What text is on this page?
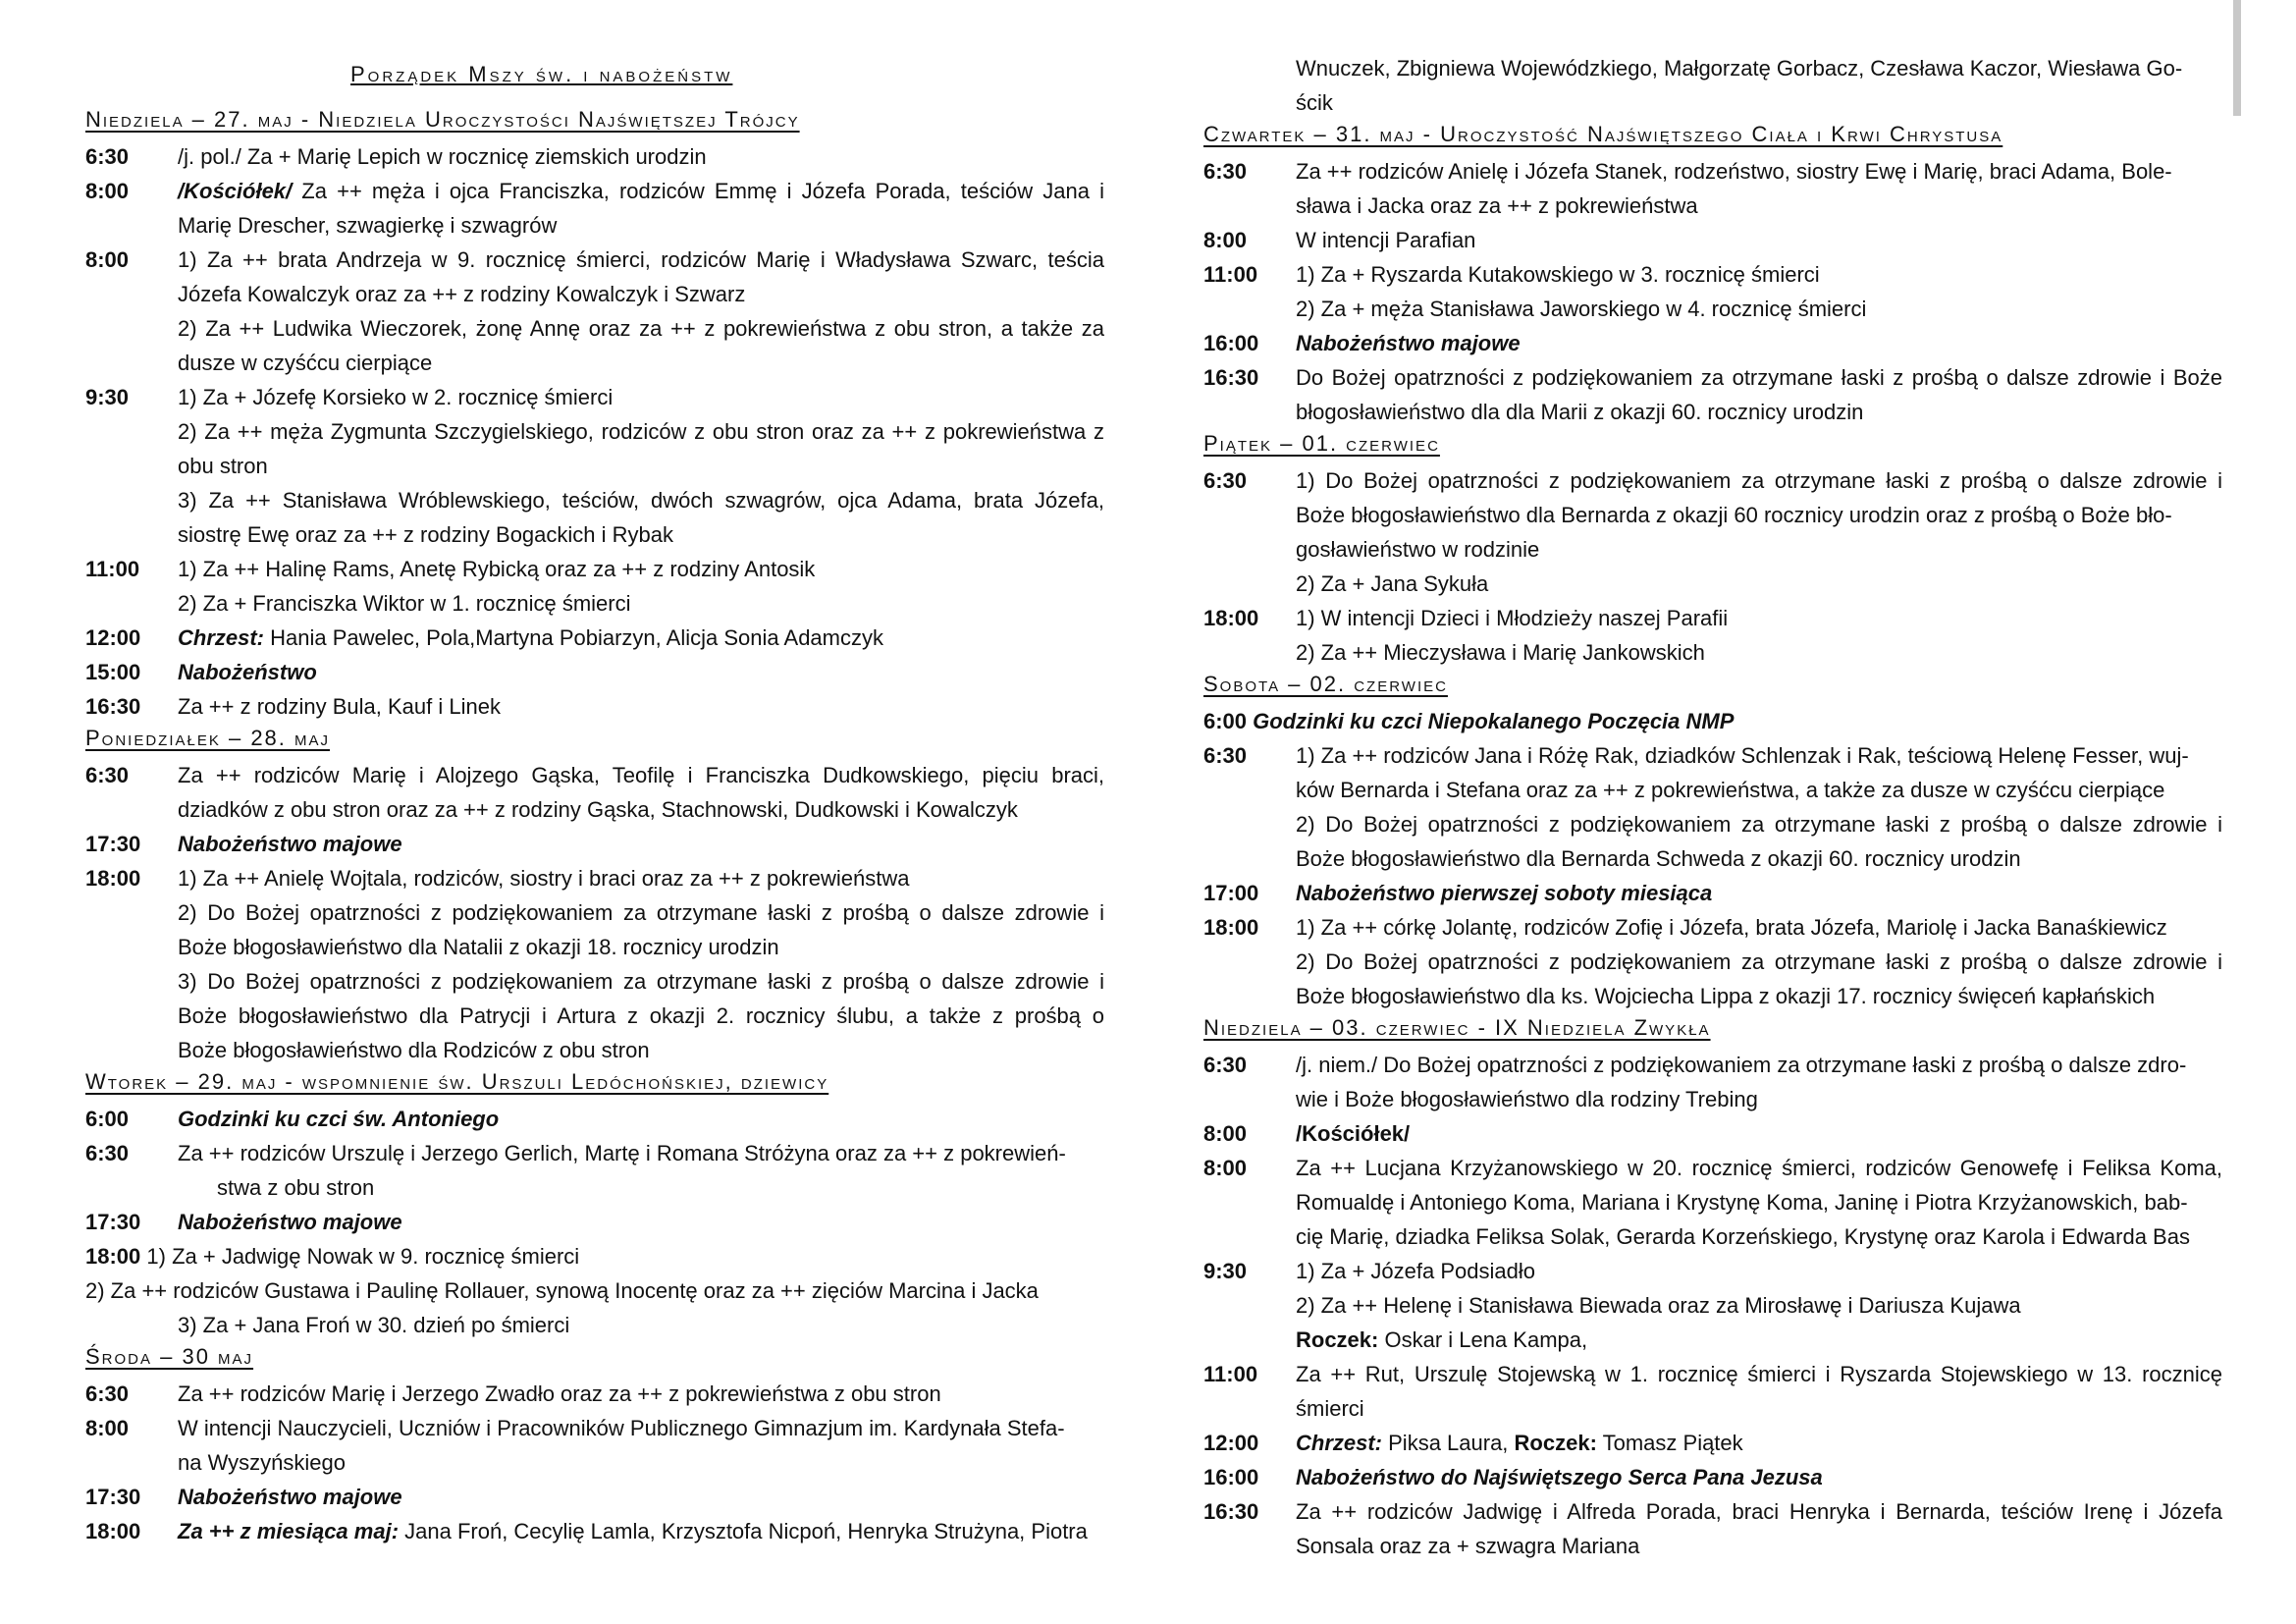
Porządek Mszy św. i nabożeństw
Niedziela – 27. maj - Niedziela Uroczystości Najświętszej Trójcy
6:30 /j. pol./ Za + Marię Lepich w rocznicę ziemskich urodzin
8:00 /Kościółek/ Za ++ męża i ojca Franciszka, rodziców Emmę i Józefa Porada, teściów Jana i
Marię Drescher, szwagierkę i szwagrów
8:00 1) Za ++ brata Andrzeja w 9. rocznicę śmierci, rodziców Marię i Władysława Szwarc, teścia
Józefa Kowalczyk oraz za ++ z rodziny Kowalczyk i Szwarz
2) Za ++ Ludwika Wieczorek, żonę Annę oraz za ++ z pokrewieństwa z obu stron, a także za
dusze w czyśćcu cierpiące
9:30 1) Za + Józefę Korsieko w 2. rocznicę śmierci
2) Za ++ męża Zygmunta Szczygielskiego, rodziców z obu stron oraz za ++ z pokrewieństwa z
obu stron
3) Za ++ Stanisława Wróblewskiego, teściów, dwóch szwagrów, ojca Adama, brata Józefa,
siostrę Ewę oraz za ++ z rodziny Bogackich i Rybak
11:00 1) Za ++ Halinę Rams, Anetę Rybicką oraz za ++ z rodziny Antosik
2) Za + Franciszka Wiktor w 1. rocznicę śmierci
12:00 Chrzest: Hania Pawelec, Pola,Martyna Pobiarzyn, Alicja Sonia Adamczyk
15:00 Nabożeństwo
16:30 Za ++ z rodziny Bula, Kauf i Linek
Poniedziałek – 28. maj
6:30 Za ++ rodziców Marię i Alojzego Gąska, Teofilę i Franciszka Dudkowskiego, pięciu braci,
dziadków z obu stron oraz za ++ z rodziny Gąska, Stachnowski, Dudkowski i Kowalczyk
17:30 Nabożeństwo majowe
18:00 1) Za ++ Anielę Wojtala, rodziców, siostry i braci oraz za ++ z pokrewieństwa
2) Do Bożej opatrzności z podziękowaniem za otrzymane łaski z prośbą o dalsze zdrowie i
Boże błogosławieństwo dla Natalii z okazji 18. rocznicy urodzin
3) Do Bożej opatrzności z podziękowaniem za otrzymane łaski z prośbą o dalsze zdrowie i
Boże błogosławieństwo dla Patrycji i Artura z okazji 2. rocznicy ślubu, a także z prośbą o
Boże błogosławieństwo dla Rodziców z obu stron
Wtorek – 29. maj - wspomnienie św. Urszuli Ledóchońskiej, dziewicy
6:00 Godzinki ku czci św. Antoniego
6:30 Za ++ rodziców Urszulę i Jerzego Gerlich, Martę i Romana Stróżyna oraz za ++ z pokrewień-
stwa z obu stron
17:30 Nabożeństwo majowe
18:00 1) Za + Jadwigę Nowak w 9. rocznicę śmierci
2) Za ++ rodziców Gustawa i Paulinę Rollauer, synową Inocentę oraz za ++ zięciów Marcina i Jacka
3) Za + Jana Froń w 30. dzień po śmierci
Środa – 30 maj
6:30 Za ++ rodziców Marię i Jerzego Zwadło oraz za ++ z pokrewieństwa z obu stron
8:00 W intencji Nauczycieli, Uczniów i Pracowników Publicznego Gimnazjum im. Kardynała Stefa-
na Wyszyńskiego
17:30 Nabożeństwo majowe
18:00 Za ++ z miesiąca maj: Jana Froń, Cecylię Lamla, Krzysztofa Nicpoń, Henryka Strużyna, Piotra
Wnuczek, Zbigniewa Wojewódzkiego, Małgorzatę Gorbacz, Czesława Kaczor, Wiesława Go-
ścik
Czwartek – 31. maj - Uroczystość Najświętszego Ciała i Krwi Chrystusa
6:30 Za ++ rodziców Anielę i Józefa Stanek, rodzeństwo, siostry Ewę i Marię, braci Adama, Bole-
sława i Jacka oraz za ++ z pokrewieństwa
8:00 W intencji Parafian
11:00 1) Za + Ryszarda Kutakowskiego w 3. rocznicę śmierci
2) Za + męża Stanisława Jaworskiego w 4. rocznicę śmierci
16:00 Nabożeństwo majowe
16:30 Do Bożej opatrzności z podziękowaniem za otrzymane łaski z prośbą o dalsze zdrowie i Boże
błogosławieństwo dla dla Marii z okazji 60. rocznicy urodzin
Piątek – 01. czerwiec
6:30 1) Do Bożej opatrzności z podziękowaniem za otrzymane łaski z prośbą o dalsze zdrowie i
Boże błogosławieństwo dla Bernarda z okazji 60 rocznicy urodzin oraz z prośbą o Boże bło-
gosławieństwo w rodzinie
2) Za + Jana Sykuła
18:00 1) W intencji Dzieci i Młodzieży naszej Parafii
2) Za ++ Mieczysława i Marię Jankowskich
Sobota – 02. czerwiec
6:00 Godzinki ku czci Niepokalanego Poczęcia NMP
6:30 1) Za ++ rodziców Jana i Różę Rak, dziadków Schlenzak i Rak, teściową Helenę Fesser, wuj-
ków Bernarda i Stefana oraz za ++ z pokrewieństwa, a także za dusze w czyśćcu cierpiące
2) Do Bożej opatrzności z podziękowaniem za otrzymane łaski z prośbą o dalsze zdrowie i
Boże błogosławieństwo dla Bernarda Schweda z okazji 60. rocznicy urodzin
17:00 Nabożeństwo pierwszej soboty miesiąca
18:00 1) Za ++ córkę Jolantę, rodziców Zofię i Józefa, brata Józefa, Mariolę i Jacka Banaśkiewicz
2) Do Bożej opatrzności z podziękowaniem za otrzymane łaski z prośbą o dalsze zdrowie i
Boże błogosławieństwo dla ks. Wojciecha Lippa z okazji 17. rocznicy święceń kapłańskich
Niedziela – 03. czerwiec - IX Niedziela Zwykła
6:30 /j. niem./ Do Bożej opatrzności z podziękowaniem za otrzymane łaski z prośbą o dalsze zdro-
wie i Boże błogosławieństwo dla rodziny Trebing
8:00 /Kościółek/
8:00 Za ++ Lucjana Krzyżanowskiego w 20. rocznicę śmierci, rodziców Genowefę i Feliksa Koma,
Romualdę i Antoniego Koma, Mariana i Krystynę Koma, Janinę i Piotra Krzyżanowskich, bab-
cię Marię, dziadka Feliksa Solak, Gerarda Korzeńskiego, Krystynę oraz Karola i Edwarda Bas
9:30 1) Za + Józefa Podsiadło
2) Za ++ Helenę i Stanisława Biewada oraz za Mirosławę i Dariusza Kujawa
Roczek: Oskar i Lena Kampa,
11:00 Za ++ Rut, Urszulę Stojewską w 1. rocznicę śmierci i Ryszarda Stojewskiego w 13. rocznicę
śmierci
12:00 Chrzest: Piksa Laura, Roczek: Tomasz Piątek
16:00 Nabożeństwo do Najświętszego Serca Pana Jezusa
16:30 Za ++ rodziców Jadwigę i Alfreda Porada, braci Henryka i Bernarda, teściów Irenę i Józefa
Sonsala oraz za + szwagra Mariana
